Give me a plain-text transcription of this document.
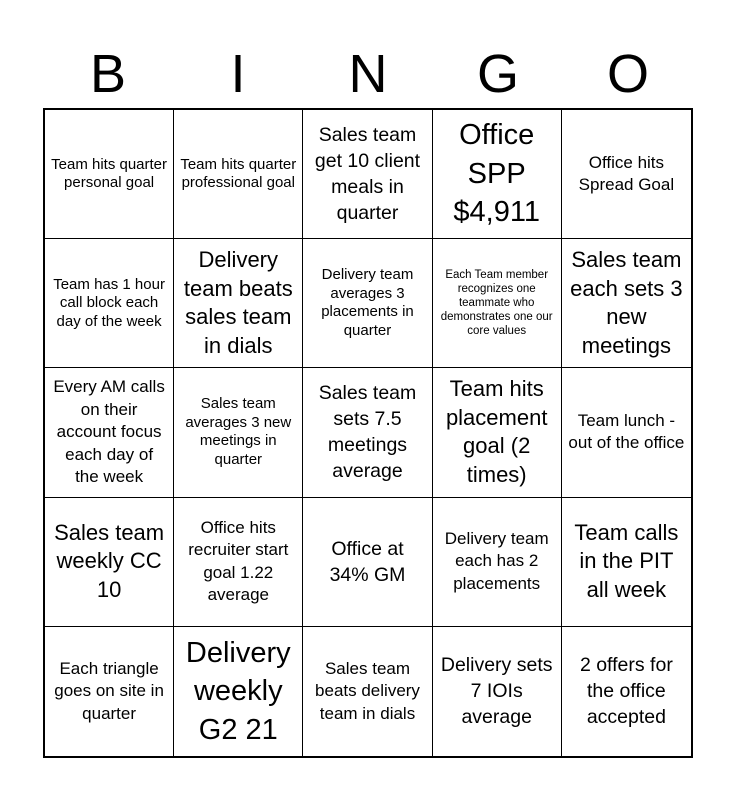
B	I	N	G	O
Team hits quarter personal goal
Team hits quarter professional goal
Sales team get 10 client meals in quarter
Office SPP $4,911
Office hits Spread Goal
Team has 1 hour call block each day of the week
Delivery team beats sales team in dials
Delivery team averages 3 placements in quarter
Each Team member recognizes one teammate who demonstrates one our core values
Sales team each sets 3 new meetings
Every AM calls on their account focus each day of the week
Sales team averages 3 new meetings in quarter
Sales team sets 7.5 meetings average
Team hits placement goal (2 times)
Team lunch - out of the office
Sales team weekly CC 10
Office hits recruiter start goal 1.22 average
Office at 34% GM
Delivery team each has 2 placements
Team calls in the PIT all week
Each triangle goes on site in quarter
Delivery weekly G2 21
Sales team beats delivery team in dials
Delivery sets 7 IOIs average
2 offers for the office accepted
